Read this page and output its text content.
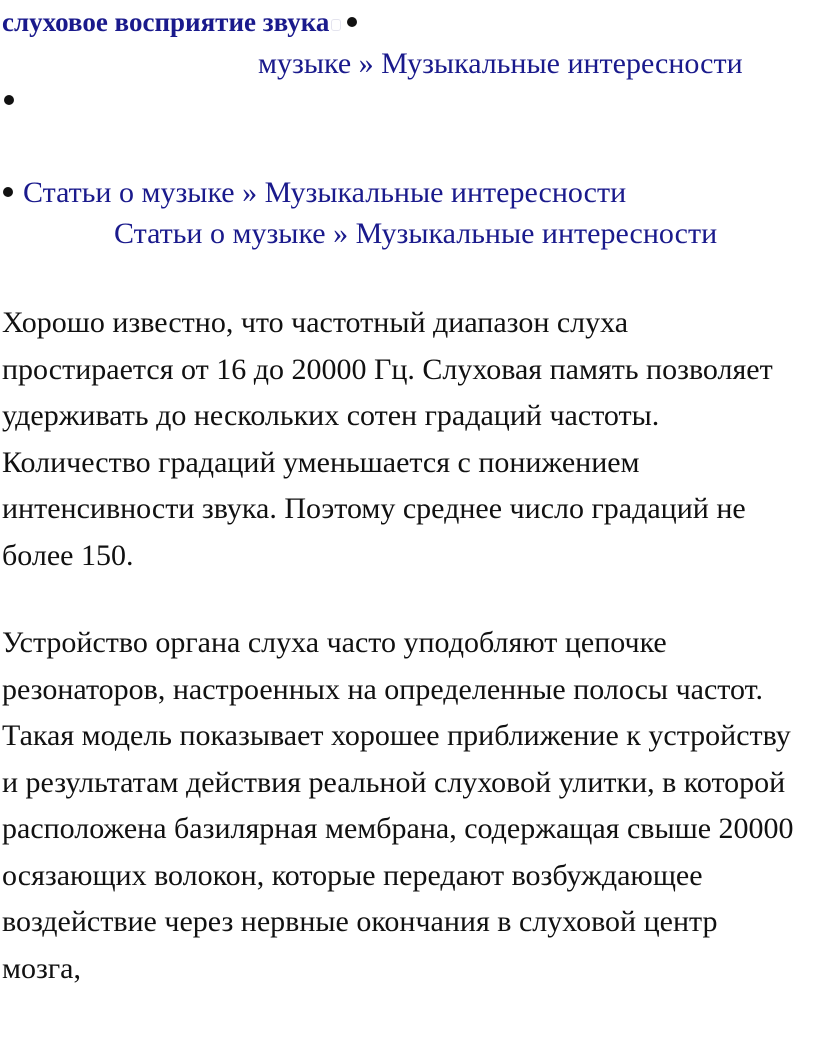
слуховое восприятие звука
музыке » Музыкальные интересности
Статьи о музыке » Музыкальные интересности
Статьи о музыке » Музыкальные интересности

Хорошо известно, что частотный диапазон слуха простирается от 16 до 20000 Гц. Слуховая память позволяет удерживать до нескольких сотен градаций частоты. Количество градаций уменьшается с понижением интенсивности звука. Поэтому среднее число градаций не более 150.

Устройство органа слуха часто уподобляют цепочке резонаторов, настроенных на определенные полосы частот. Такая модель показывает хорошее приближение к устройству и результатам действия реальной слуховой улитки, в которой расположена базилярная мембрана, содержащая свыше 20000 осязающих волокон, которые передают возбуждающее воздействие через нервные окончания в слуховой центр мозга,
